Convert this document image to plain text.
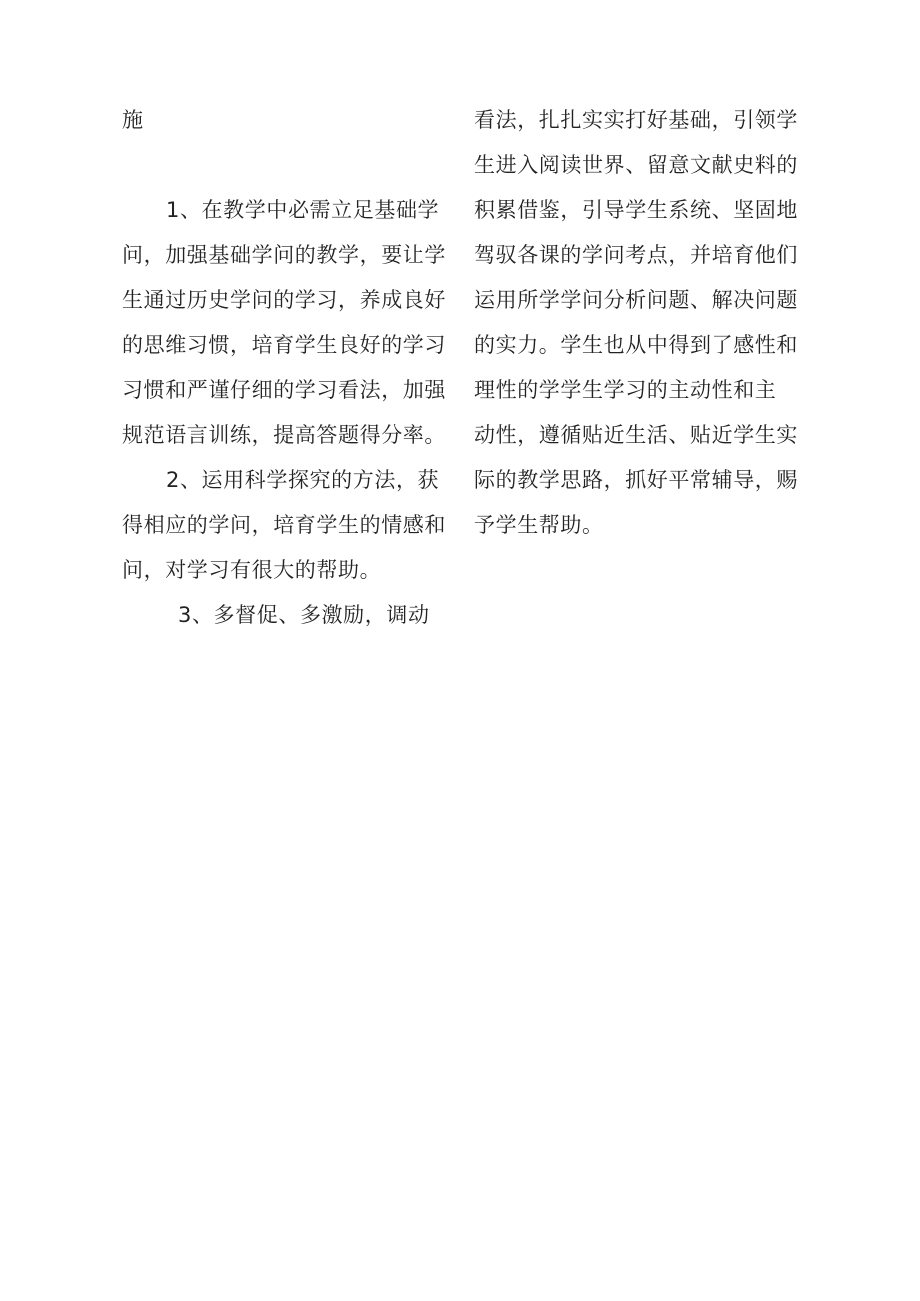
施
1、在教学中必需立足基础学
问，加强基础学问的教学，要让学
生通过历史学问的学习，养成良好
的思维习惯，培育学生良好的学习
习惯和严谨仔细的学习看法，加强
规范语言训练，提高答题得分率。
2、运用科学探究的方法，获
得相应的学问，培育学生的情感和
问，对学习有很大的帮助。
3、多督促、多激励，调动
看法，扎扎实实打好基础，引领学
生进入阅读世界、留意文献史料的
积累借鉴，引导学生系统、坚固地
驾驭各课的学问考点，并培育他们
运用所学学问分析问题、解决问题
的实力。学生也从中得到了感性和
理性的学学生学习的主动性和主
动性，遵循贴近生活、贴近学生实
际的教学思路，抓好平常辅导，赐
予学生帮助。
